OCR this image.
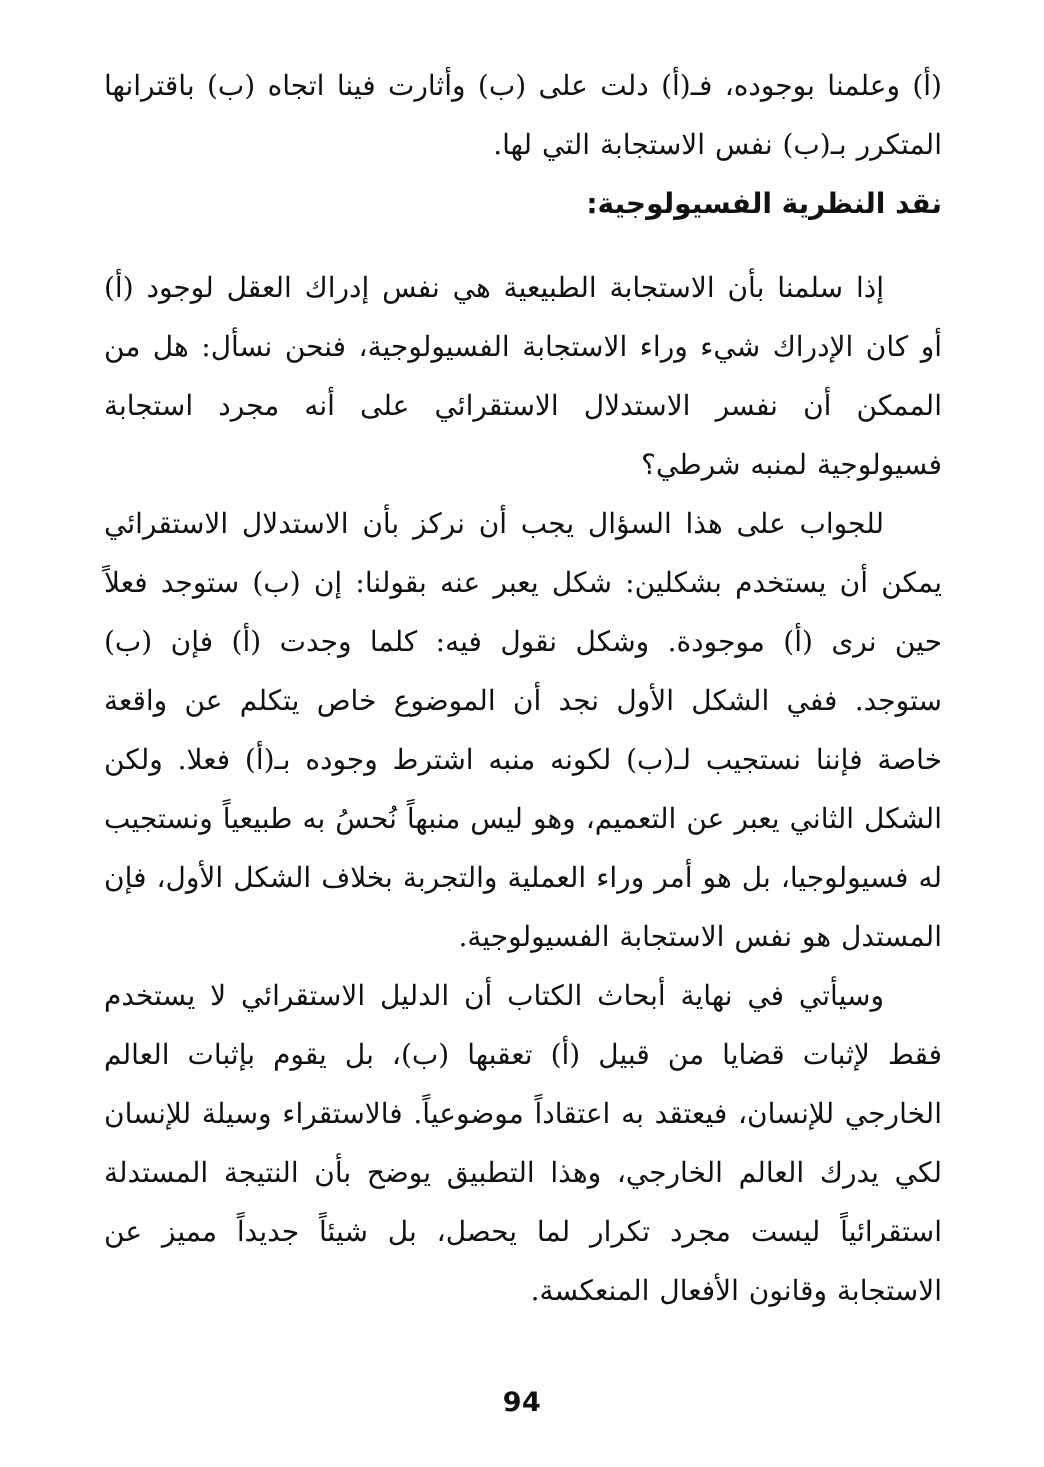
(أ) وعلمنا بوجوده، فـ(أ) دلت على (ب) وأثارت فينا اتجاه (ب) باقترانها المتكرر بـ(ب) نفس الاستجابة التي لها.

نقد النظرية الفسيولوجية:

إذا سلمنا بأن الاستجابة الطبيعية هي نفس إدراك العقل لوجود (أ) أو كان الإدراك شيء وراء الاستجابة الفسيولوجية، فنحن نسأل: هل من الممكن أن نفسر الاستدلال الاستقرائي على أنه مجرد استجابة فسيولوجية لمنبه شرطي؟

للجواب على هذا السؤال يجب أن نركز بأن الاستدلال الاستقرائي يمكن أن يستخدم بشكلين: شكل يعبر عنه بقولنا: إن (ب) ستوجد فعلاً حين نرى (أ) موجودة. وشكل نقول فيه: كلما وجدت (أ) فإن (ب) ستوجد. ففي الشكل الأول نجد أن الموضوع خاص يتكلم عن واقعة خاصة فإننا نستجيب لـ(ب) لكونه منبه اشترط وجوده بـ(أ) فعلا. ولكن الشكل الثاني يعبر عن التعميم، وهو ليس منبهاً نُحسُ به طبيعياً ونستجيب له فسيولوجيا، بل هو أمر وراء العملية والتجربة بخلاف الشكل الأول، فإن المستدل هو نفس الاستجابة الفسيولوجية.

وسيأتي في نهاية أبحاث الكتاب أن الدليل الاستقرائي لا يستخدم فقط لإثبات قضايا من قبيل (أ) تعقبها (ب)، بل يقوم بإثبات العالم الخارجي للإنسان، فيعتقد به اعتقاداً موضوعياً. فالاستقراء وسيلة للإنسان لكي يدرك العالم الخارجي، وهذا التطبيق يوضح بأن النتيجة المستدلة استقرائياً ليست مجرد تكرار لما يحصل، بل شيئاً جديداً مميز عن الاستجابة وقانون الأفعال المنعكسة.

94
